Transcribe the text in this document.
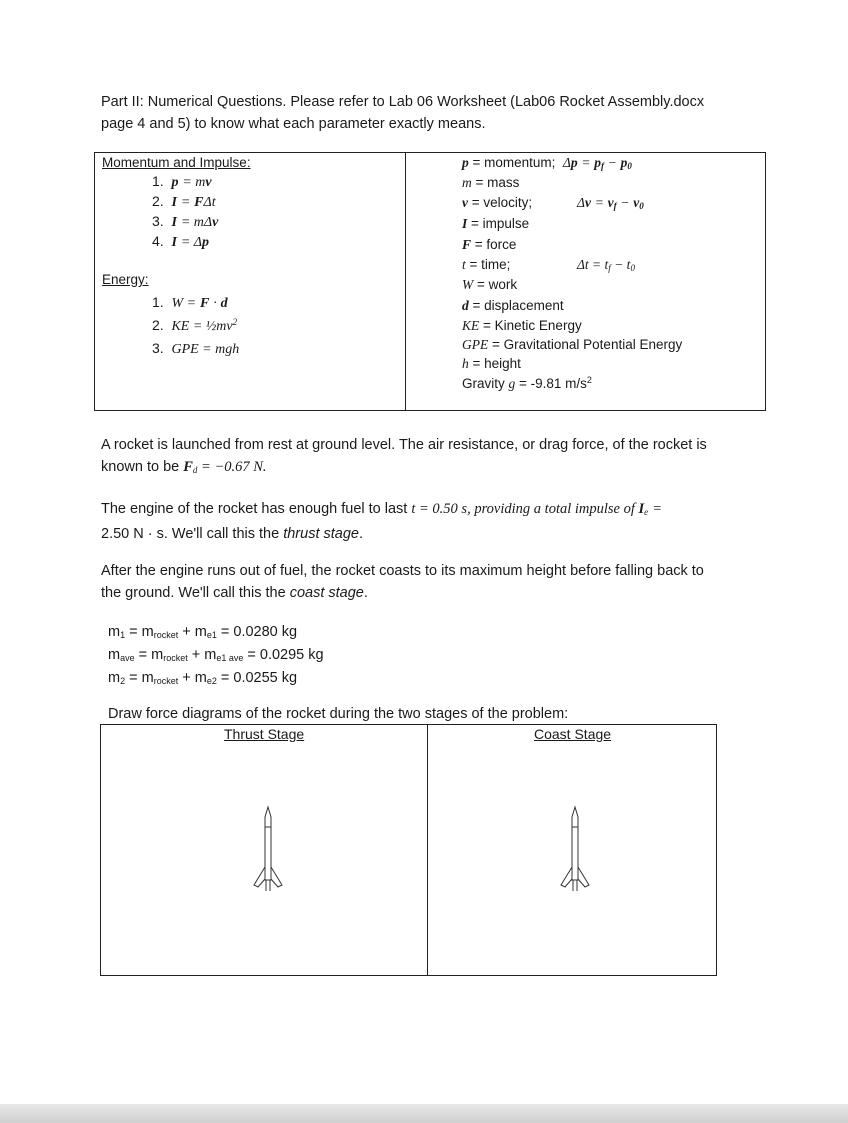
Part II: Numerical Questions. Please refer to Lab 06 Worksheet (Lab06 Rocket Assembly.docx
page 4 and 5) to know what each parameter exactly means.
Momentum and Impulse:
1. p = mv
2. I = FΔt
3. I = mΔv
4. I = Δp
Energy:
1. W = F · d
2. KE = $\frac{1}{2}mv^2$
3. GPE = mgh
p = momentum; $\Delta p = p_f - p_0$
m = mass
v = velocity;	$\Delta v = v_f - v_0$
I = impulse
F = force
t = time;	$\Delta t = t_f - t_0$
W = work
d = displacement
KE = Kinetic Energy
GPE = Gravitational Potential Energy
h = height
Gravity g = -9.81 $m/s^2$
A rocket is launched from rest at ground level. The air resistance, or drag force, of the rocket is
known to be $F_d = -0.67$ N.
The engine of the rocket has enough fuel to last t = 0.50 s, providing a total impulse of $I_e$ =
2.50 N · s. We'll call this the thrust stage.
After the engine runs out of fuel, the rocket coasts to its maximum height before falling back to
the ground. We'll call this the coast stage.
$m_1 = m_{rocket} + m_{e1} = 0.0280$ kg
$m_{ave} = m_{rocket} + m_{e1 ave} = 0.0295$ kg
$m_2 = m_{rocket} + m_{e2} = 0.0255$ kg
Draw force diagrams of the rocket during the two stages of the problem:
Thrust Stage	Coast Stage
